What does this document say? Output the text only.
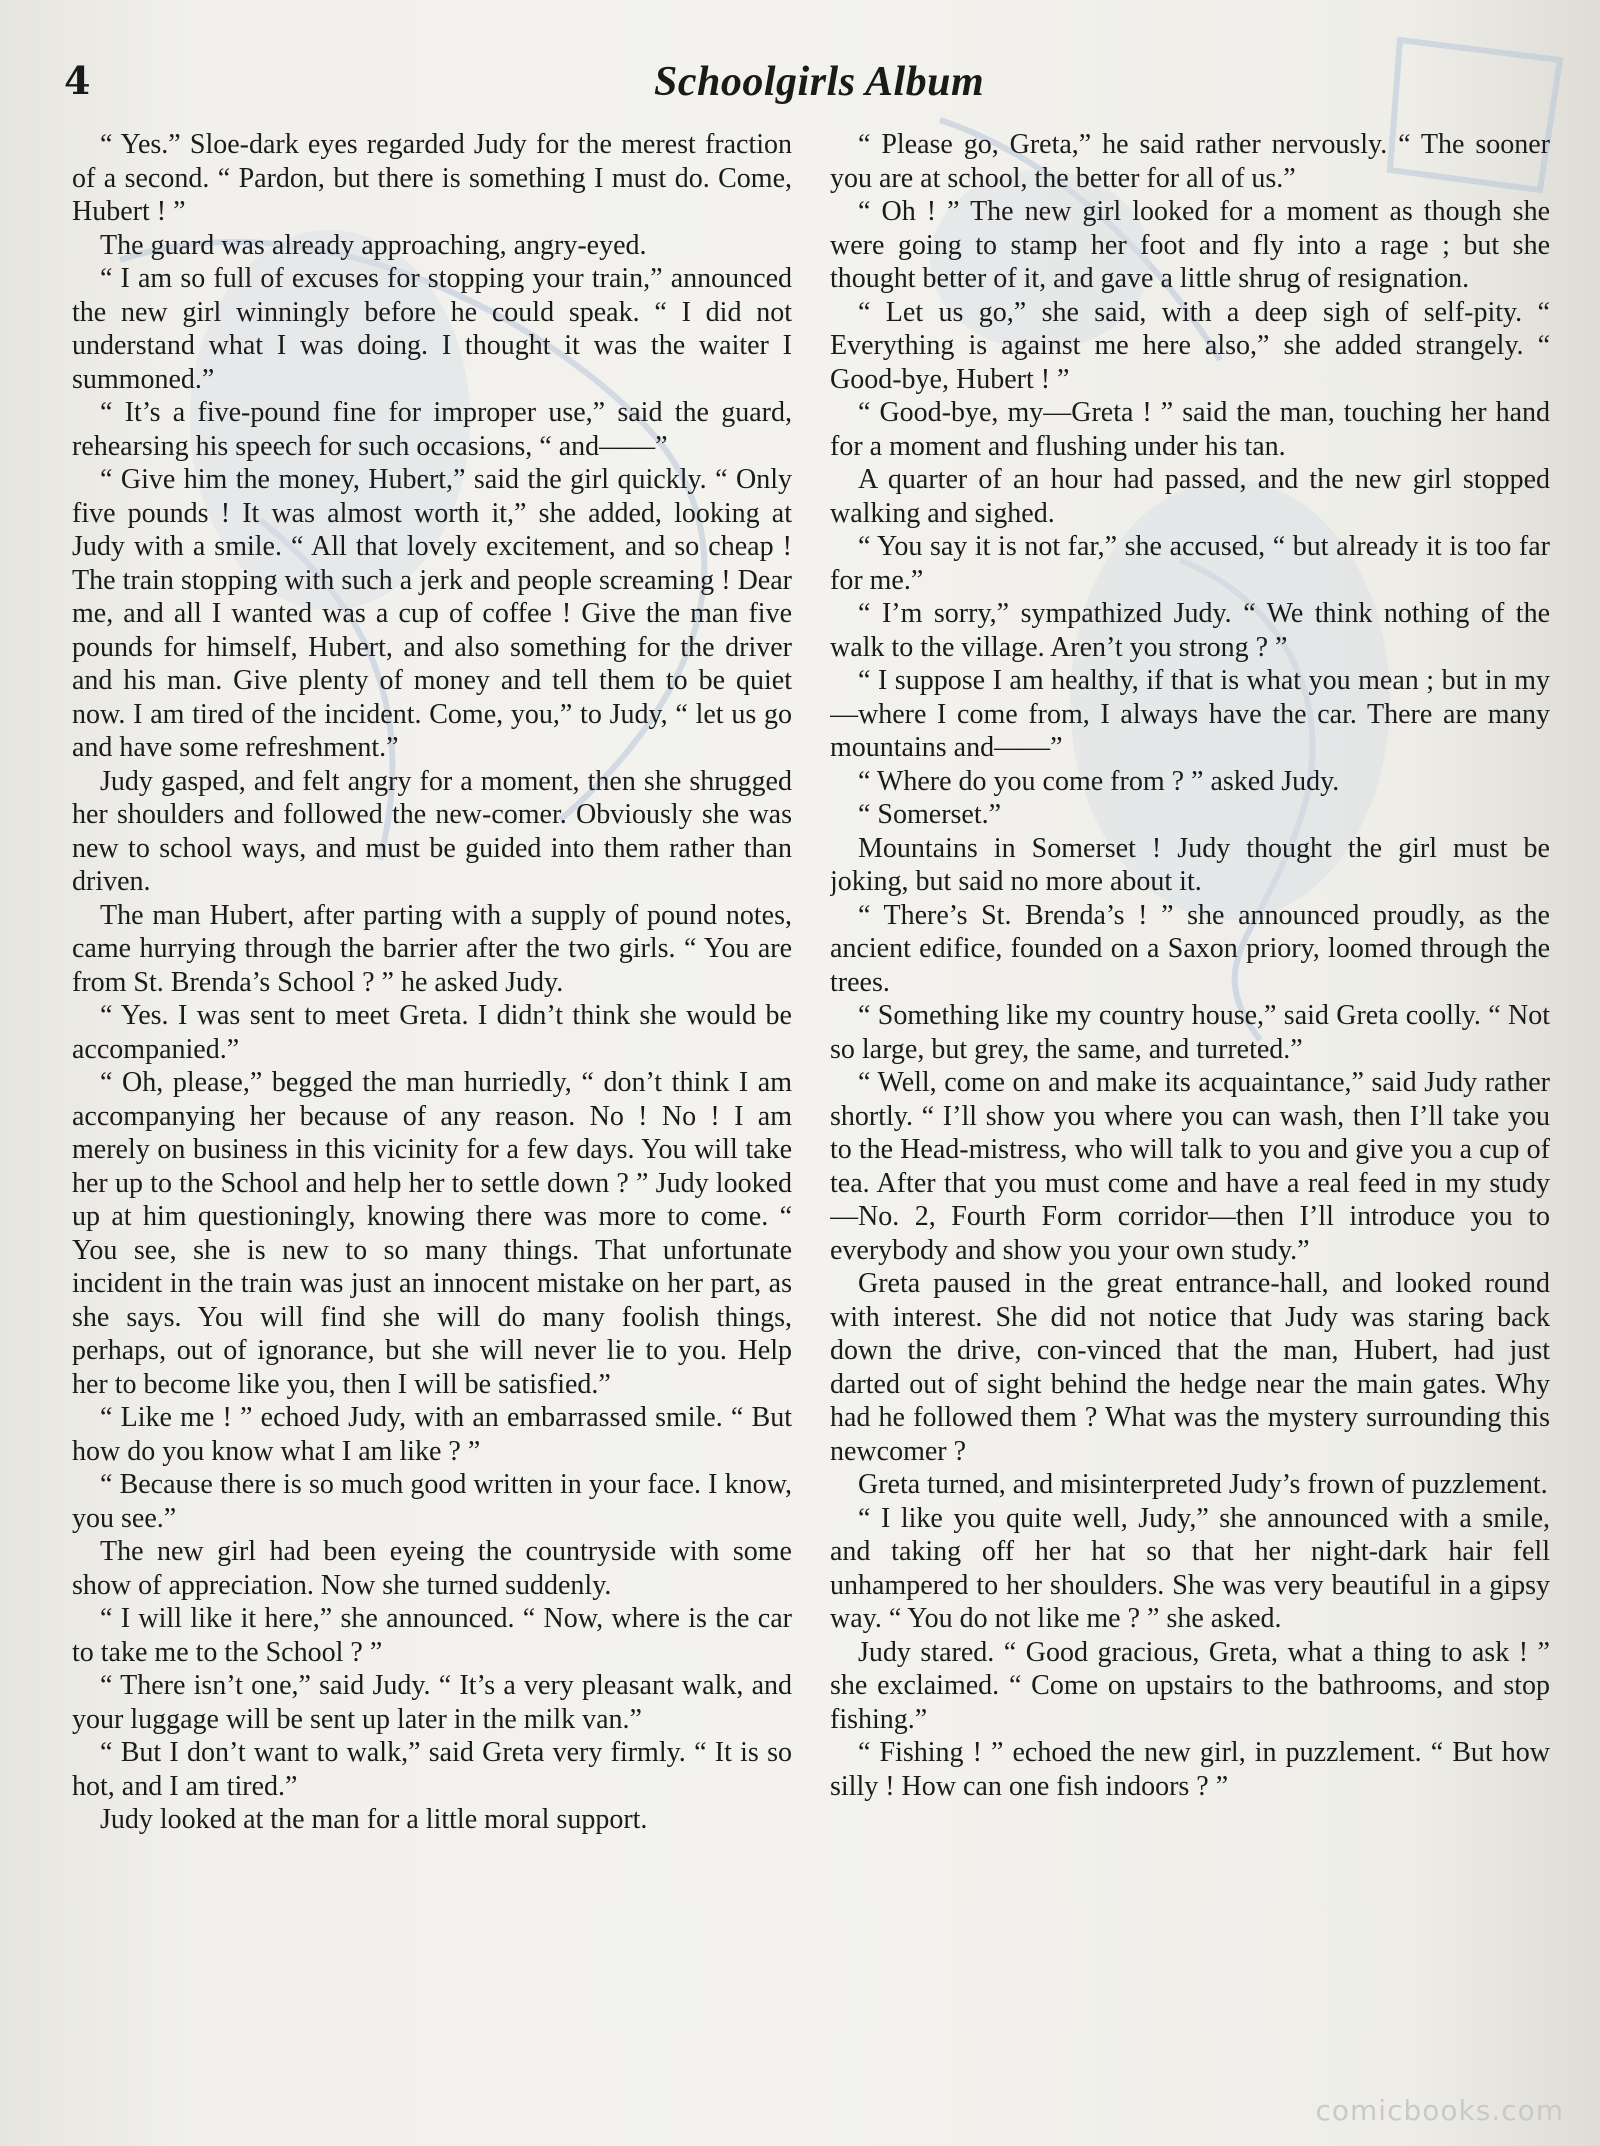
4	Schoolgirls Album

“ Yes.” Sloe-dark eyes regarded Judy for the merest fraction of a second. “ Pardon, but there is something I must do. Come, Hubert ! ”

The guard was already approaching, angry-eyed.

“ I am so full of excuses for stopping your train,” announced the new girl winningly before he could speak. “ I did not understand what I was doing. I thought it was the waiter I summoned.”

“ It’s a five-pound fine for improper use,” said the guard, rehearsing his speech for such occasions, “ and——”

“ Give him the money, Hubert,” said the girl quickly. “ Only five pounds ! It was almost worth it,” she added, looking at Judy with a smile. “ All that lovely excitement, and so cheap ! The train stopping with such a jerk and people screaming ! Dear me, and all I wanted was a cup of coffee ! Give the man five pounds for himself, Hubert, and also something for the driver and his man. Give plenty of money and tell them to be quiet now. I am tired of the incident. Come, you,” to Judy, “ let us go and have some refreshment.”

Judy gasped, and felt angry for a moment, then she shrugged her shoulders and followed the new-comer. Obviously she was new to school ways, and must be guided into them rather than driven.

The man Hubert, after parting with a supply of pound notes, came hurrying through the barrier after the two girls. “ You are from St. Brenda’s School ? ” he asked Judy.

“ Yes. I was sent to meet Greta. I didn’t think she would be accompanied.”

“ Oh, please,” begged the man hurriedly, “ don’t think I am accompanying her because of any reason. No ! No ! I am merely on business in this vicinity for a few days. You will take her up to the School and help her to settle down ? ” Judy looked up at him questioningly, knowing there was more to come. “ You see, she is new to so many things. That unfortunate incident in the train was just an innocent mistake on her part, as she says. You will find she will do many foolish things, perhaps, out of ignorance, but she will never lie to you. Help her to become like you, then I will be satisfied.”

“ Like me ! ” echoed Judy, with an embarrassed smile. “ But how do you know what I am like ? ”

“ Because there is so much good written in your face. I know, you see.”

The new girl had been eyeing the countryside with some show of appreciation. Now she turned suddenly.

“ I will like it here,” she announced. “ Now, where is the car to take me to the School ? ”

“ There isn’t one,” said Judy. “ It’s a very pleasant walk, and your luggage will be sent up later in the milk van.”

“ But I don’t want to walk,” said Greta very firmly. “ It is so hot, and I am tired.”

Judy looked at the man for a little moral support.

“ Please go, Greta,” he said rather nervously. “ The sooner you are at school, the better for all of us.”

“ Oh ! ” The new girl looked for a moment as though she were going to stamp her foot and fly into a rage ; but she thought better of it, and gave a little shrug of resignation.

“ Let us go,” she said, with a deep sigh of self-pity. “ Everything is against me here also,” she added strangely. “ Good-bye, Hubert ! ”

“ Good-bye, my—Greta ! ” said the man, touching her hand for a moment and flushing under his tan.

A quarter of an hour had passed, and the new girl stopped walking and sighed.

“ You say it is not far,” she accused, “ but already it is too far for me.”

“ I’m sorry,” sympathized Judy. “ We think nothing of the walk to the village. Aren’t you strong ? ”

“ I suppose I am healthy, if that is what you mean ; but in my—where I come from, I always have the car. There are many mountains and——”

“ Where do you come from ? ” asked Judy.

“ Somerset.”

Mountains in Somerset ! Judy thought the girl must be joking, but said no more about it.

“ There’s St. Brenda’s ! ” she announced proudly, as the ancient edifice, founded on a Saxon priory, loomed through the trees.

“ Something like my country house,” said Greta coolly. “ Not so large, but grey, the same, and turreted.”

“ Well, come on and make its acquaintance,” said Judy rather shortly. “ I’ll show you where you can wash, then I’ll take you to the Head-mistress, who will talk to you and give you a cup of tea. After that you must come and have a real feed in my study—No. 2, Fourth Form corridor—then I’ll introduce you to everybody and show you your own study.”

Greta paused in the great entrance-hall, and looked round with interest. She did not notice that Judy was staring back down the drive, con-vinced that the man, Hubert, had just darted out of sight behind the hedge near the main gates. Why had he followed them ? What was the mystery surrounding this newcomer ?

Greta turned, and misinterpreted Judy’s frown of puzzlement.

“ I like you quite well, Judy,” she announced with a smile, and taking off her hat so that her night-dark hair fell unhampered to her shoulders. She was very beautiful in a gipsy way. “ You do not like me ? ” she asked.

Judy stared. “ Good gracious, Greta, what a thing to ask ! ” she exclaimed. “ Come on upstairs to the bathrooms, and stop fishing.”

“ Fishing ! ” echoed the new girl, in puzzlement. “ But how silly ! How can one fish indoors ? ”

comicbooks.com
